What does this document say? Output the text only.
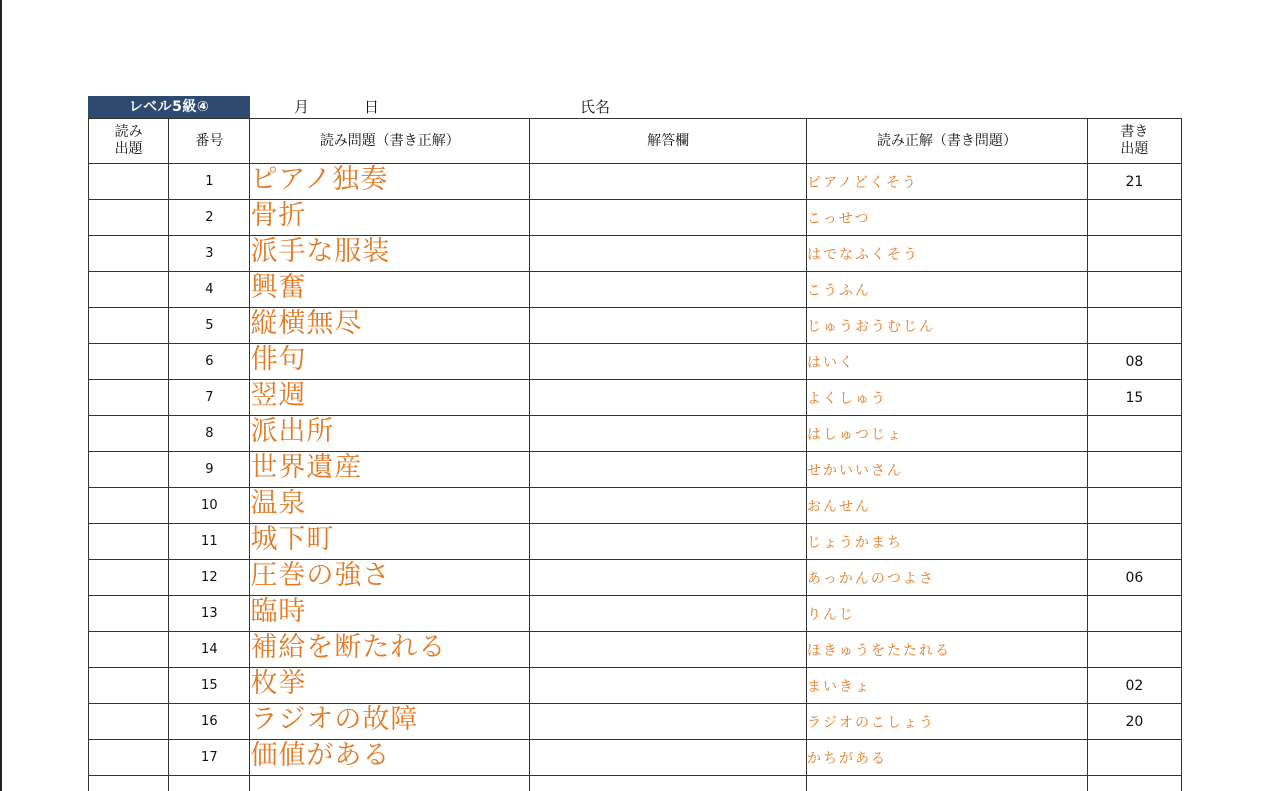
レベル5級④	月	日	氏名
読み
出題	番号	読み問題（書き正解）	解答欄	読み正解（書き問題）	書き
出題
	1	ピアノ独奏		ピアノどくそう	21
	2	骨折		こっせつ	
	3	派手な服装		はでなふくそう	
	4	興奮		こうふん	
	5	縦横無尽		じゅうおうむじん	
	6	俳句		はいく	08
	7	翌週		よくしゅう	15
	8	派出所		はしゅつじょ	
	9	世界遺産		せかいいさん	
	10	温泉		おんせん	
	11	城下町		じょうかまち	
	12	圧巻の強さ		あっかんのつよさ	06
	13	臨時		りんじ	
	14	補給を断たれる		ほきゅうをたたれる	
	15	枚挙		まいきょ	02
	16	ラジオの故障		ラジオのこしょう	20
	17	価値がある		かちがある	
